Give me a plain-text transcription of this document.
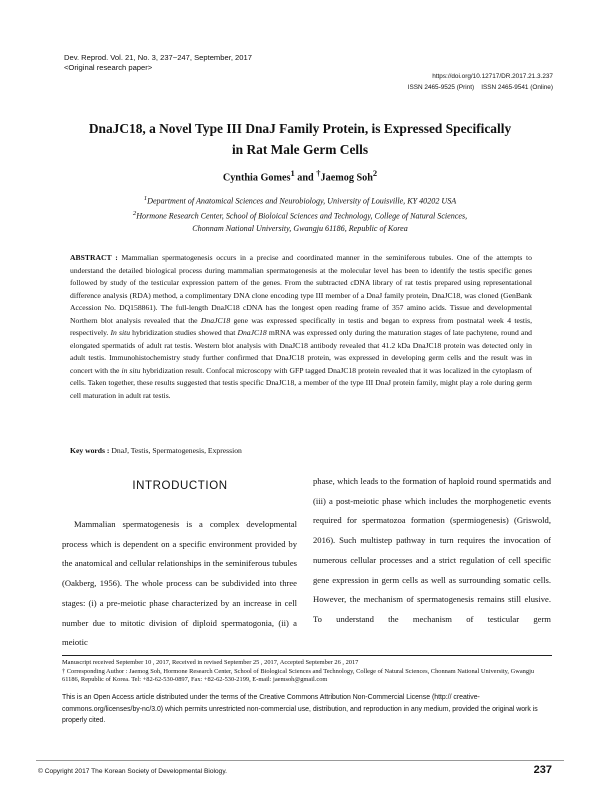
Dev. Reprod. Vol. 21, No. 3, 237~247, September, 2017
<Original research paper>
https://doi.org/10.12717/DR.2017.21.3.237
ISSN 2465-9525 (Print)    ISSN 2465-9541 (Online)
DnaJC18, a Novel Type III DnaJ Family Protein, is Expressed Specifically
in Rat Male Germ Cells
Cynthia Gomes$^1$ and †Jaemog Soh$^2$
$^1$Department of Anatomical Sciences and Neurobiology, University of Louisville, KY 40202 USA
$^2$Hormone Research Center, School of Bioloical Sciences and Technology, College of Natural Sciences,
Chonnam National University, Gwangju 61186, Republic of Korea
ABSTRACT : Mammalian spermatogenesis occurs in a precise and coordinated manner in the seminiferous tubules. One of the attempts to understand the detailed biological process during mammalian spermatogenesis at the molecular level has been to identify the testis specific genes followed by study of the testicular expression pattern of the genes. From the subtracted cDNA library of rat testis prepared using representational difference analysis (RDA) method, a complimentary DNA clone encoding type III member of a DnaJ family protein, DnaJC18, was cloned (GenBank Accession No. DQ158861). The full-length DnaJC18 cDNA has the longest open reading frame of 357 amino acids. Tissue and developmental Northern blot analysis revealed that the DnaJC18 gene was expressed specifically in testis and began to express from postnatal week 4 testis, respectively. In situ hybridization studies showed that DnaJC18 mRNA was expressed only during the maturation stages of late pachytene, round and elongated spermatids of adult rat testis. Western blot analysis with DnaJC18 antibody revealed that 41.2 kDa DnaJC18 protein was detected only in adult testis. Immunohistochemistry study further confirmed that DnaJC18 protein, was expressed in developing germ cells and the result was in concert with the in situ hybridization result. Confocal microscopy with GFP tagged DnaJC18 protein revealed that it was localized in the cytoplasm of cells. Taken together, these results suggested that testis specific DnaJC18, a member of the type III DnaJ protein family, might play a role during germ cell maturation in adult rat testis.
Key words : DnaJ, Testis, Spermatogenesis, Expression
INTRODUCTION
Mammalian spermatogenesis is a complex developmental process which is dependent on a specific environment provided by the anatomical and cellular relationships in the seminiferous tubules (Oakberg, 1956). The whole process can be subdivided into three stages: (i) a pre-meiotic phase characterized by an increase in cell number due to mitotic division of diploid spermatogonia, (ii) a meiotic
phase, which leads to the formation of haploid round spermatids and (iii) a post-meiotic phase which includes the morphogenetic events required for spermatozoa formation (spermiogenesis) (Griswold, 2016). Such multistep pathway in turn requires the invocation of numerous cellular processes and a strict regulation of cell specific gene expression in germ cells as well as surrounding somatic cells. However, the mechanism of spermatogenesis remains still elusive. To understand the mechanism of testicular germ
Manuscript received September 10 , 2017, Received in revised September 25 , 2017, Accepted September 26 , 2017
† Corresponding Author : Jaemog Soh, Hormone Research Center, School of Biological Sciences and Technology, College of Natural Sciences, Chonnam National University, Gwangju 61186, Republic of Korea. Tel: +82-62-530-0897, Fax: +82-62-530-2199, E-mail: jaemsoh@gmail.com
This is an Open Access article distributed under the terms of the Creative Commons Attribution Non-Commercial License (http:// creative-commons.org/licenses/by-nc/3.0) which permits unrestricted non-commercial use, distribution, and reproduction in any medium, provided the original work is properly cited.
© Copyright 2017 The Korean Society of Developmental Biology.	237
